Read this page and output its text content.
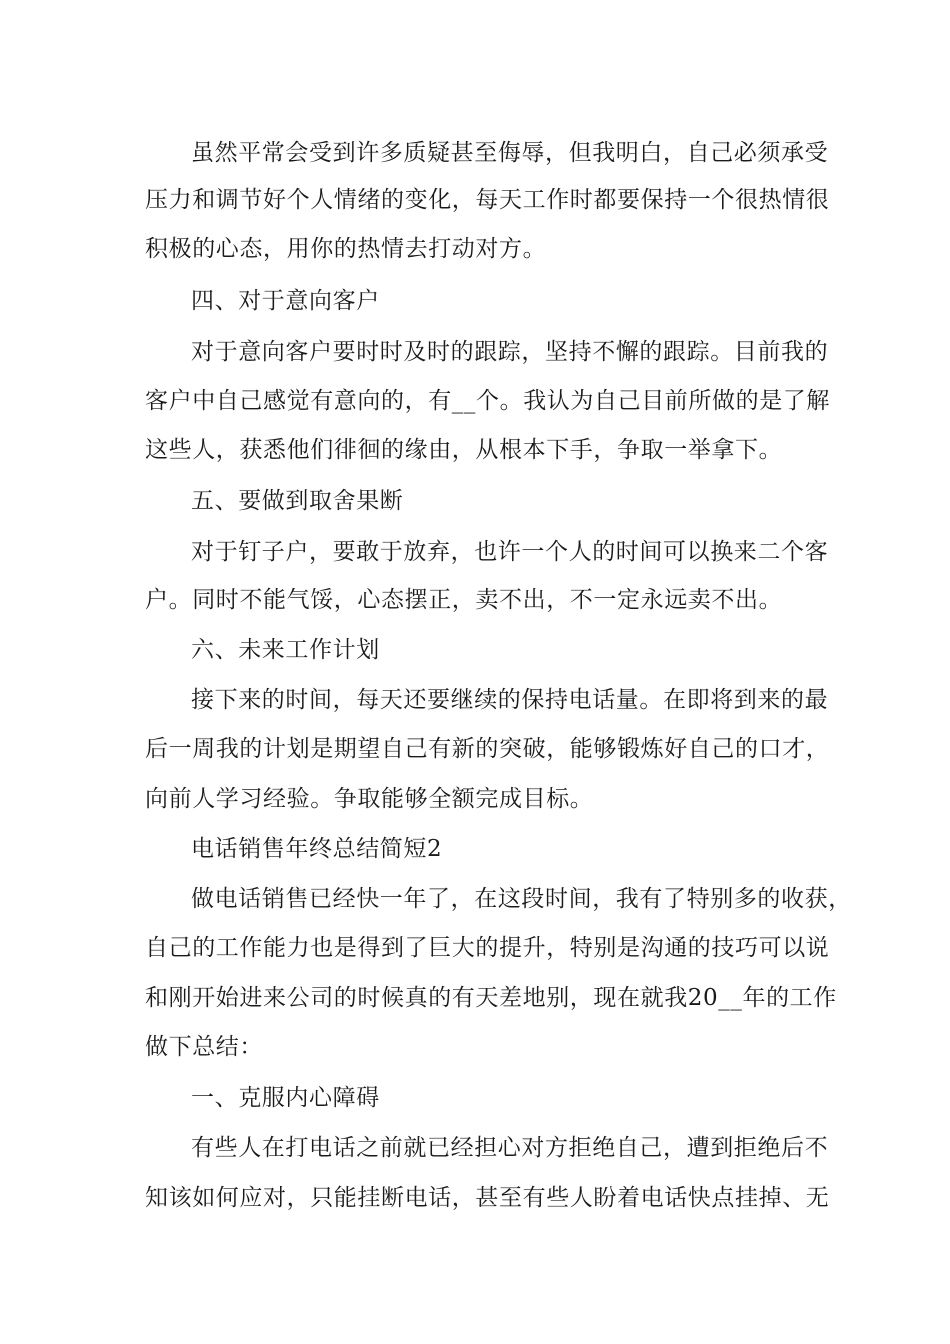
虽然平常会受到许多质疑甚至侮辱，但我明白，自己必须承受
压力和调节好个人情绪的变化，每天工作时都要保持一个很热情很
积极的心态，用你的热情去打动对方。
四、对于意向客户
对于意向客户要时时及时的跟踪，坚持不懈的跟踪。目前我的
客户中自己感觉有意向的，有__个。我认为自己目前所做的是了解
这些人，获悉他们徘徊的缘由，从根本下手，争取一举拿下。
五、要做到取舍果断
对于钉子户，要敢于放弃，也许一个人的时间可以换来二个客
户。同时不能气馁，心态摆正，卖不出，不一定永远卖不出。
六、未来工作计划
接下来的时间，每天还要继续的保持电话量。在即将到来的最
后一周我的计划是期望自己有新的突破，能够锻炼好自己的口才，
向前人学习经验。争取能够全额完成目标。
电话销售年终总结简短2
做电话销售已经快一年了，在这段时间，我有了特别多的收获，
自己的工作能力也是得到了巨大的提升，特别是沟通的技巧可以说
和刚开始进来公司的时候真的有天差地别，现在就我20__年的工作
做下总结：
一、克服内心障碍
有些人在打电话之前就已经担心对方拒绝自己，遭到拒绝后不
知该如何应对，只能挂断电话，甚至有些人盼着电话快点挂掉、无
